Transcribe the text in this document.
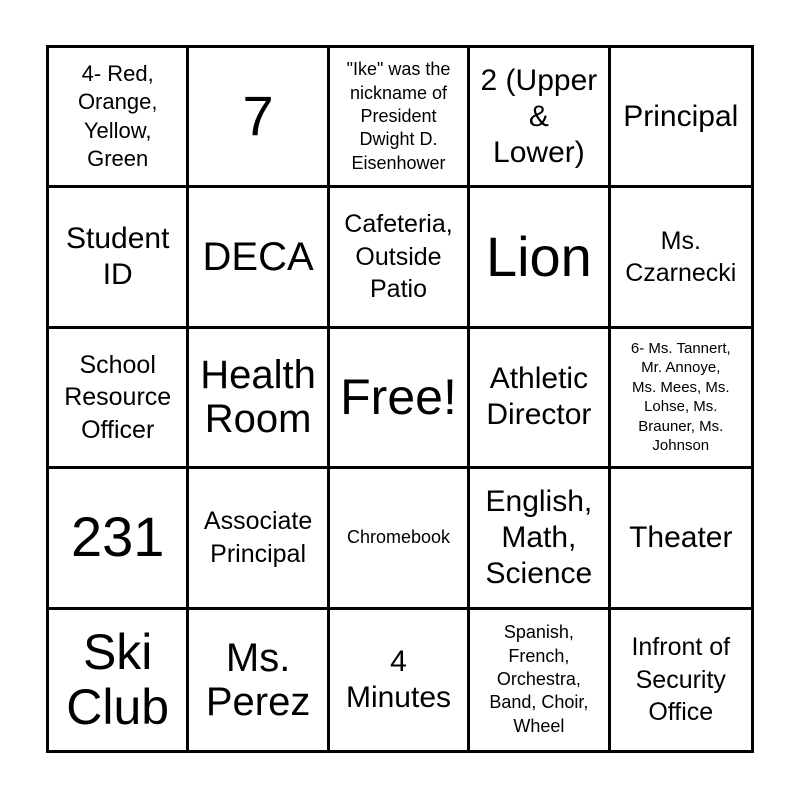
4- Red,
Orange,
Yellow,
Green
7
"Ike" was the
nickname of
President
Dwight D.
Eisenhower
2 (Upper
&
Lower)
Principal
Student
ID	DECA
Cafeteria,
Outside
Patio
Lion	Ms.
Czarnecki
School
Resource
Officer
Health
Room Free!	Athletic
Director
6- Ms. Tannert,
Mr. Annoye,
Ms. Mees, Ms.
Lohse, Ms.
Brauner, Ms.
Johnson
231	Associate
Principal
Chromebook
English,
Math,
Science
Theater
Ski
Club
Ms.
Perez
4
Minutes
Spanish,
French,
Orchestra,
Band, Choir,
Wheel
Infront of
Security
Office
